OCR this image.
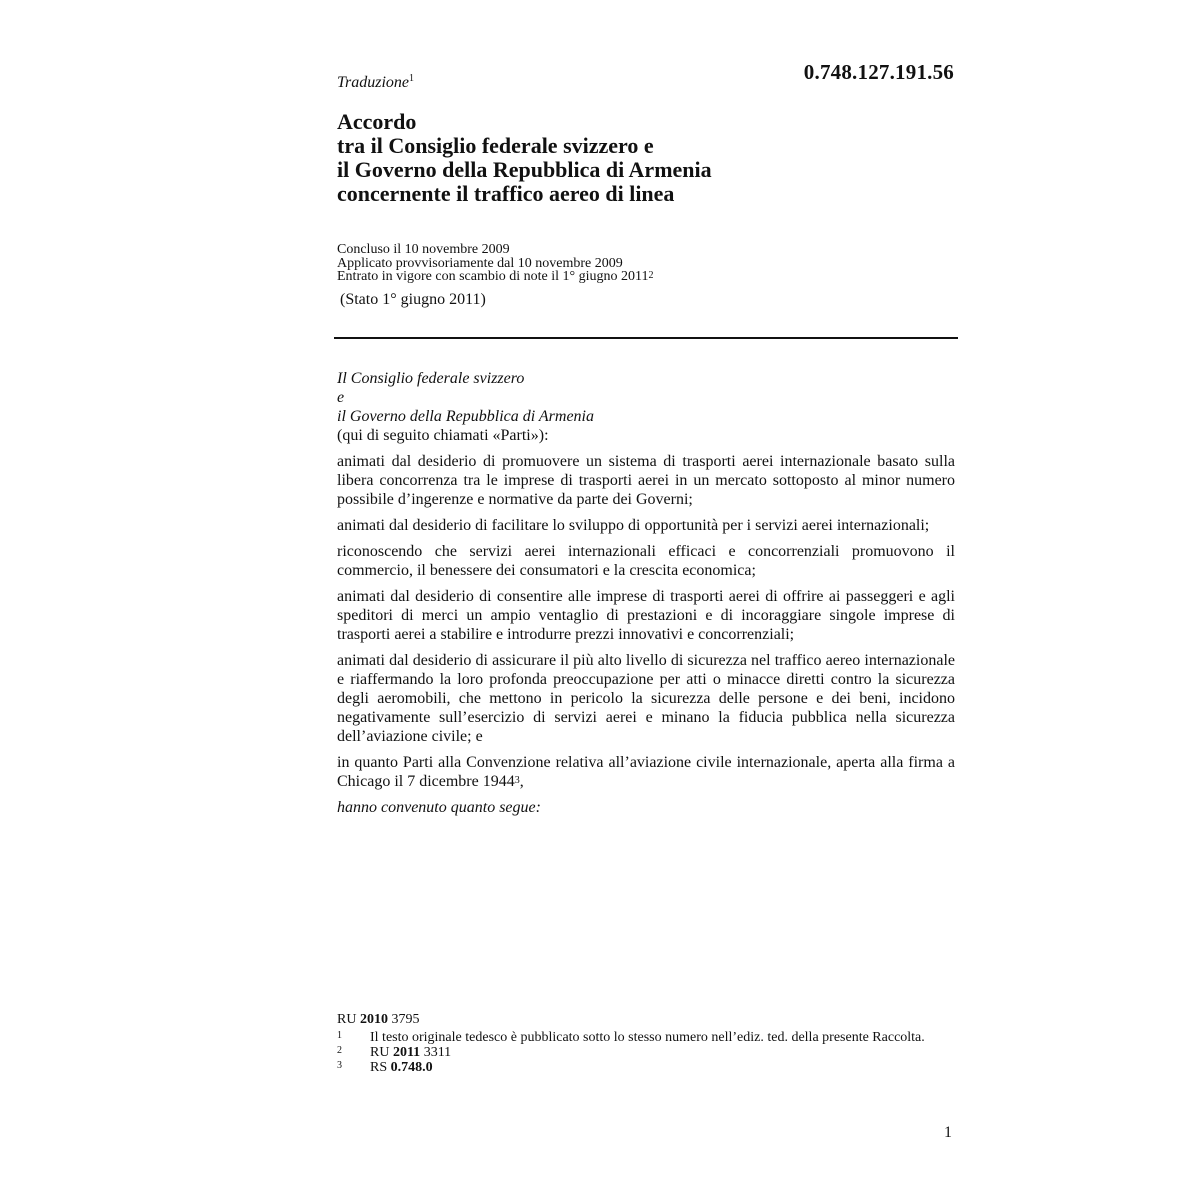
0.748.127.191.56
Traduzione$^1$
Accordo
tra il Consiglio federale svizzero e
il Governo della Repubblica di Armenia
concernente il traffico aereo di linea
Concluso il 10 novembre 2009
Applicato provvisoriamente dal 10 novembre 2009
Entrato in vigore con scambio di note il 1° giugno 2011$^2$
(Stato 1° giugno 2011)
Il Consiglio federale svizzero
e
il Governo della Repubblica di Armenia

(qui di seguito chiamati «Parti»):

animati dal desiderio di promuovere un sistema di trasporti aerei internazionale basato sulla libera concorrenza tra le imprese di trasporti aerei in un mercato sottoposto al minor numero possibile d’ingerenze e normative da parte dei Governi;

animati dal desiderio di facilitare lo sviluppo di opportunità per i servizi aerei internazionali;

riconoscendo che servizi aerei internazionali efficaci e concorrenziali promuovono il commercio, il benessere dei consumatori e la crescita economica;

animati dal desiderio di consentire alle imprese di trasporti aerei di offrire ai passeggeri e agli speditori di merci un ampio ventaglio di prestazioni e di incoraggiare singole imprese di trasporti aerei a stabilire e introdurre prezzi innovativi e concorrenziali;

animati dal desiderio di assicurare il più alto livello di sicurezza nel traffico aereo internazionale e riaffermando la loro profonda preoccupazione per atti o minacce diretti contro la sicurezza degli aeromobili, che mettono in pericolo la sicurezza delle persone e dei beni, incidono negativamente sull’esercizio di servizi aerei e minano la fiducia pubblica nella sicurezza dell’aviazione civile; e

in quanto Parti alla Convenzione relativa all’aviazione civile internazionale, aperta alla firma a Chicago il 7 dicembre 1944$^3$,

hanno convenuto quanto segue:
RU 2010 3795
1	Il testo originale tedesco è pubblicato sotto lo stesso numero nell’ediz. ted. della presente Raccolta.
2	RU 2011 3311
3	RS 0.748.0
1
